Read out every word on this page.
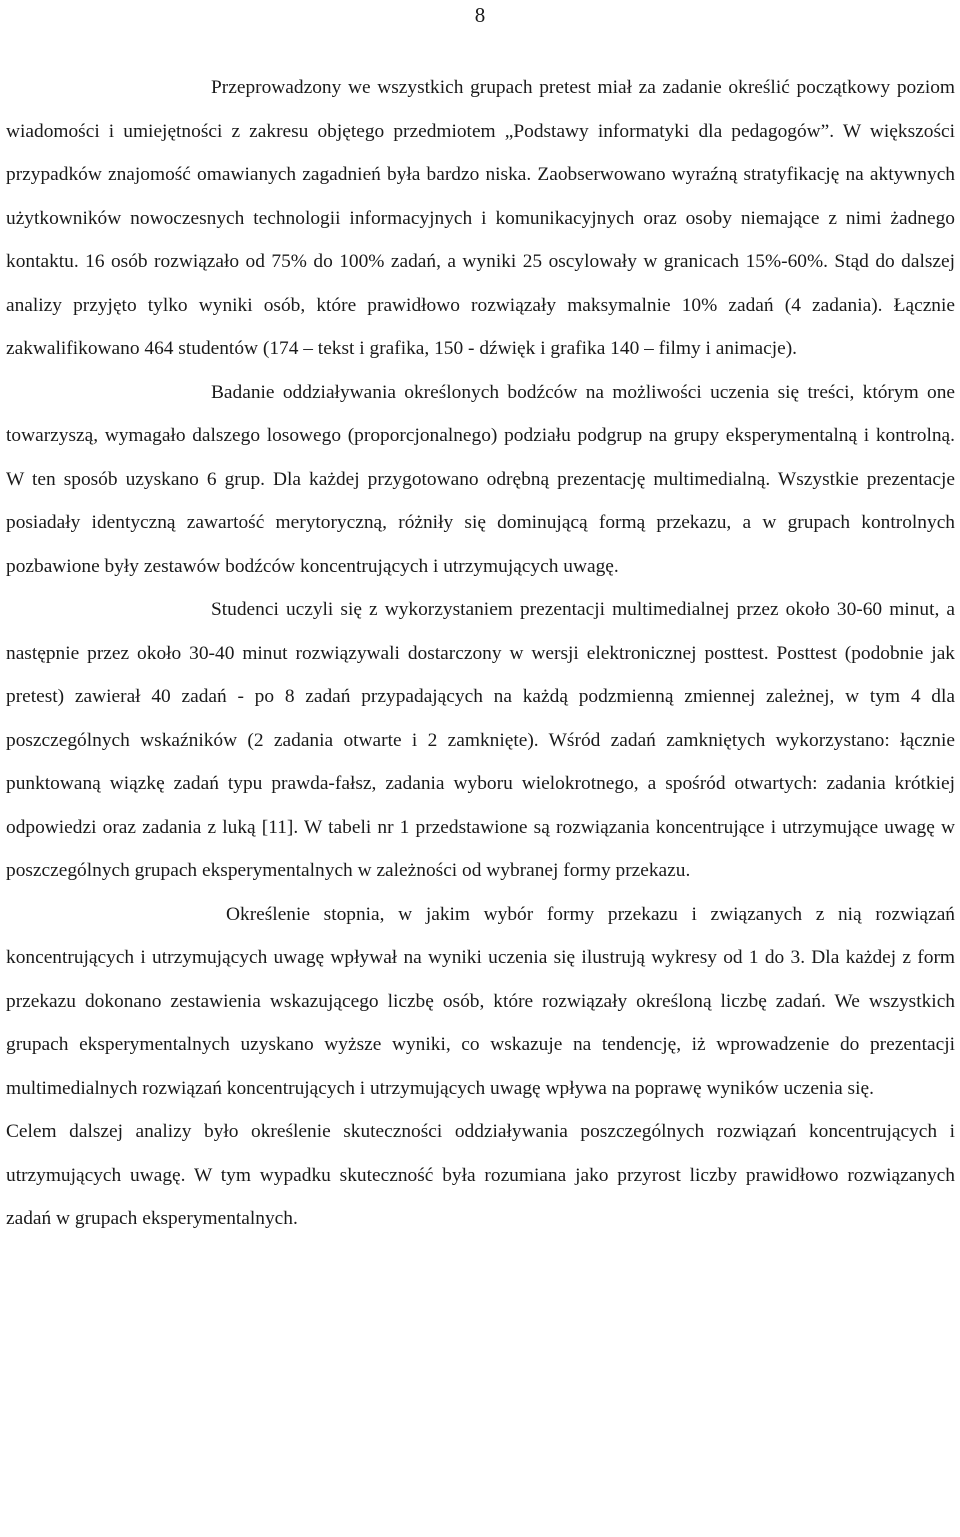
8

Przeprowadzony we wszystkich grupach pretest miał za zadanie określić początkowy poziom wiadomości i umiejętności z zakresu objętego przedmiotem „Podstawy informatyki dla pedagogów”. W większości przypadków znajomość omawianych zagadnień była bardzo niska. Zaobserwowano wyraźną stratyfikację na aktywnych użytkowników nowoczesnych technologii informacyjnych i komunikacyjnych oraz osoby niemające z nimi żadnego kontaktu. 16 osób rozwiązało od 75% do 100% zadań, a wyniki 25 oscylowały w granicach 15%-60%. Stąd do dalszej analizy przyjęto tylko wyniki osób, które prawidłowo rozwiązały maksymalnie 10% zadań (4 zadania). Łącznie zakwalifikowano 464 studentów (174 – tekst i grafika, 150 - dźwięk i grafika 140 – filmy i animacje).

Badanie oddziaływania określonych bodźców na możliwości uczenia się treści, którym one towarzyszą, wymagało dalszego losowego (proporcjonalnego) podziału podgrup na grupy eksperymentalną i kontrolną. W ten sposób uzyskano 6 grup. Dla każdej przygotowano odrębną prezentację multimedialną. Wszystkie prezentacje posiadały identyczną zawartość merytoryczną, różniły się dominującą formą przekazu, a w grupach kontrolnych pozbawione były zestawów bodźców koncentrujących i utrzymujących uwagę.

Studenci uczyli się z wykorzystaniem prezentacji multimedialnej przez około 30-60 minut, a następnie przez około 30-40 minut rozwiązywali dostarczony w wersji elektronicznej posttest. Posttest (podobnie jak pretest) zawierał 40 zadań - po 8 zadań przypadających na każdą podzmienną zmiennej zależnej, w tym 4 dla poszczególnych wskaźników (2 zadania otwarte i 2 zamknięte). Wśród zadań zamkniętych wykorzystano: łącznie punktowaną wiązkę zadań typu prawda-fałsz, zadania wyboru wielokrotnego, a spośród otwartych: zadania krótkiej odpowiedzi oraz zadania z luką [11]. W tabeli nr 1 przedstawione są rozwiązania koncentrujące i utrzymujące uwagę w poszczególnych grupach eksperymentalnych w zależności od wybranej formy przekazu.

Określenie stopnia, w jakim wybór formy przekazu i związanych z nią rozwiązań koncentrujących i utrzymujących uwagę wpływał na wyniki uczenia się ilustrują wykresy od 1 do 3. Dla każdej z form przekazu dokonano zestawienia wskazującego liczbę osób, które rozwiązały określoną liczbę zadań. We wszystkich grupach eksperymentalnych uzyskano wyższe wyniki, co wskazuje na tendencję, iż wprowadzenie do prezentacji multimedialnych rozwiązań koncentrujących i utrzymujących uwagę wpływa na poprawę wyników uczenia się.

Celem dalszej analizy było określenie skuteczności oddziaływania poszczególnych rozwiązań koncentrujących i utrzymujących uwagę. W tym wypadku skuteczność była rozumiana jako przyrost liczby prawidłowo rozwiązanych zadań w grupach eksperymentalnych.
